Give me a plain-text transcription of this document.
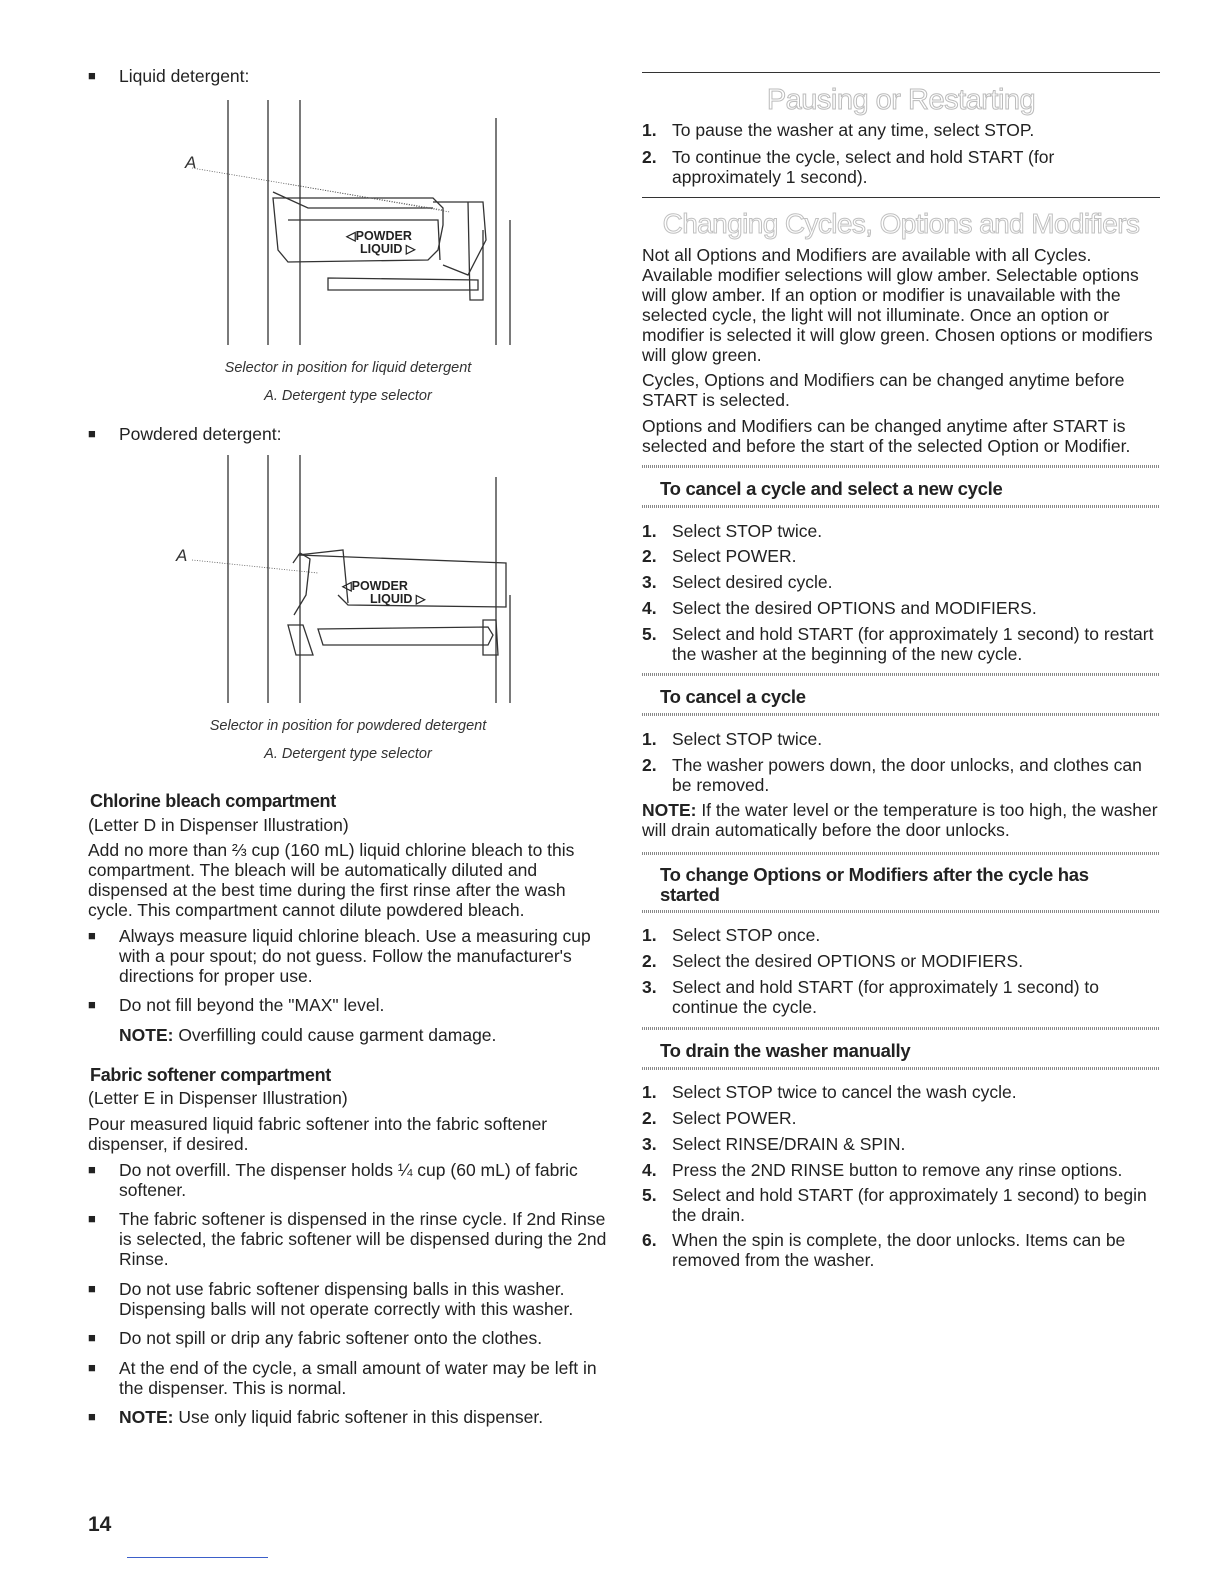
■ Liquid detergent:
A
◁POWDER
LIQUID ▷
Selector in position for liquid detergent
A. Detergent type selector
■ Powdered detergent:
A
◁POWDER
LIQUID ▷
Selector in position for powdered detergent
A. Detergent type selector
Chlorine bleach compartment
(Letter D in Dispenser Illustration)
Add no more than ⅔ cup (160 mL) liquid chlorine bleach to this compartment. The bleach will be automatically diluted and dispensed at the best time during the first rinse after the wash cycle. This compartment cannot dilute powdered bleach.
■ Always measure liquid chlorine bleach. Use a measuring cup with a pour spout; do not guess. Follow the manufacturer's directions for proper use.
■ Do not fill beyond the "MAX" level.
NOTE: Overfilling could cause garment damage.
Fabric softener compartment
(Letter E in Dispenser Illustration)
Pour measured liquid fabric softener into the fabric softener dispenser, if desired.
■ Do not overfill. The dispenser holds ¼ cup (60 mL) of fabric softener.
■ The fabric softener is dispensed in the rinse cycle. If 2nd Rinse is selected, the fabric softener will be dispensed during the 2nd Rinse.
■ Do not use fabric softener dispensing balls in this washer. Dispensing balls will not operate correctly with this washer.
■ Do not spill or drip any fabric softener onto the clothes.
■ At the end of the cycle, a small amount of water may be left in the dispenser. This is normal.
■ NOTE: Use only liquid fabric softener in this dispenser.
Pausing or Restarting
1. To pause the washer at any time, select STOP.
2. To continue the cycle, select and hold START (for approximately 1 second).
Changing Cycles, Options and Modifiers
Not all Options and Modifiers are available with all Cycles. Available modifier selections will glow amber. Selectable options will glow amber. If an option or modifier is unavailable with the selected cycle, the light will not illuminate. Once an option or modifier is selected it will glow green. Chosen options or modifiers will glow green.
Cycles, Options and Modifiers can be changed anytime before START is selected.
Options and Modifiers can be changed anytime after START is selected and before the start of the selected Option or Modifier.
To cancel a cycle and select a new cycle
1. Select STOP twice.
2. Select POWER.
3. Select desired cycle.
4. Select the desired OPTIONS and MODIFIERS.
5. Select and hold START (for approximately 1 second) to restart the washer at the beginning of the new cycle.
To cancel a cycle
1. Select STOP twice.
2. The washer powers down, the door unlocks, and clothes can be removed.
NOTE: If the water level or the temperature is too high, the washer will drain automatically before the door unlocks.
To change Options or Modifiers after the cycle has started
1. Select STOP once.
2. Select the desired OPTIONS or MODIFIERS.
3. Select and hold START (for approximately 1 second) to continue the cycle.
To drain the washer manually
1. Select STOP twice to cancel the wash cycle.
2. Select POWER.
3. Select RINSE/DRAIN & SPIN.
4. Press the 2ND RINSE button to remove any rinse options.
5. Select and hold START (for approximately 1 second) to begin the drain.
6. When the spin is complete, the door unlocks. Items can be removed from the washer.
14
